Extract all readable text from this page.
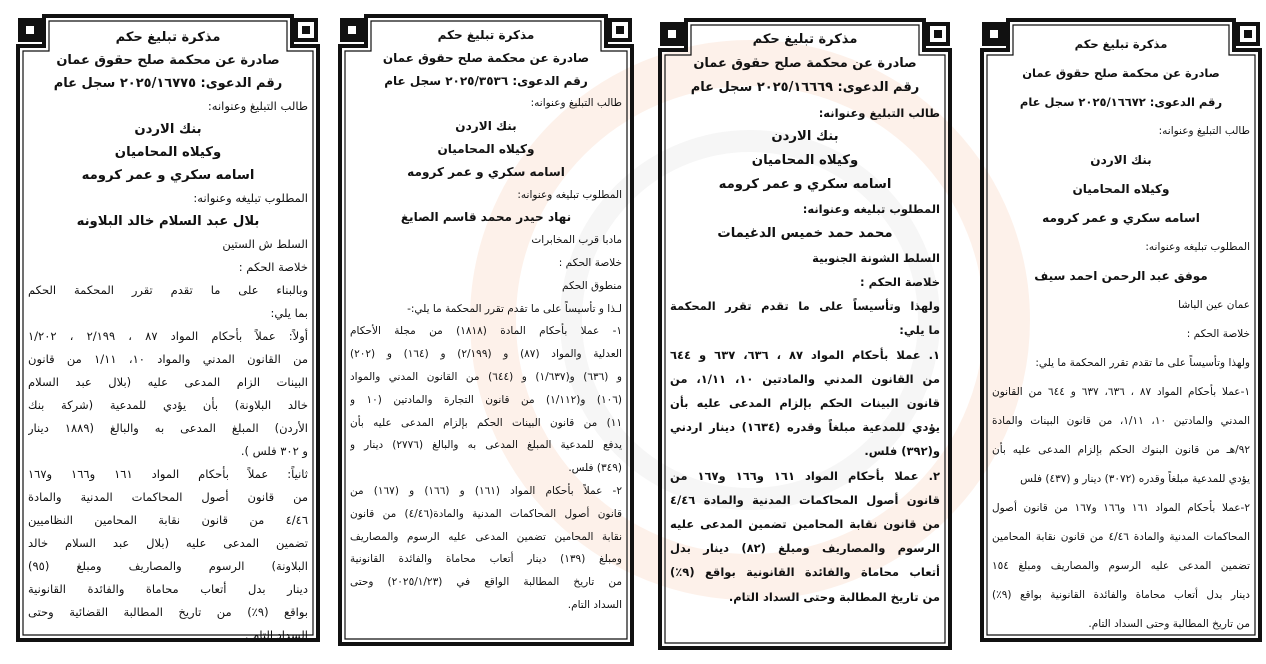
مذكرة تبليغ حكم
صادرة عن محكمة صلح حقوق عمان
رقم الدعوى: ٢٠٢٥/١٦٧٧٥ سجل عام
طالب التبليغ وعنوانه:
بنك الاردن
وكيلاه المحاميان
اسامه سكري و عمر كرومه
المطلوب تبليغه وعنوانه:
بلال عبد السلام خالد البلاونه
السلط ش الستين
خلاصة الحكم :
وبالبناء على ما تقدم تقرر المحكمة الحكم
بما يلي:
أولاً: عملاً بأحكام المواد ٨٧ ، ٢/١٩٩ ، ١/٢٠٢
من القانون المدني والمواد ١٠، ١/١١ من قانون
البينات الزام المدعى عليه (بلال عبد السلام
خالد البلاونة) بأن يؤدي للمدعية (شركة بنك
الأردن) المبلغ المدعى به والبالغ (١٨٨٩ دينار
و ٣٠٢ فلس ).
ثانياً: عملاً بأحكام المواد ١٦١ و١٦٦ و١٦٧
من قانون أصول المحاكمات المدنية والمادة
٤/٤٦ من قانون نقابة المحامين النظاميين
تضمين المدعى عليه (بلال عبد السلام خالد
البلاونة) الرسوم والمصاريف ومبلغ (٩٥)
دينار بدل أتعاب محاماة والفائدة القانونية
بواقع (٩٪) من تاريخ المطالبة القضائية وحتى
السداد التام .
مذكرة تبليغ حكم
صادرة عن محكمة صلح حقوق عمان
رقم الدعوى: ٢٠٢٥/٣٥٣٦ سجل عام
طالب التبليغ وعنوانه:
بنك الاردن
وكيلاه المحاميان
اسامه سكري و عمر كرومه
المطلوب تبليغه وعنوانه:
نهاد حيدر محمد قاسم الصايغ
مادبا قرب المخابرات
خلاصة الحكم :
منطوق الحكم
لـذا و تأسيساً على ما تقدم تقرر المحكمة ما يلي:-
١- عملا بأحكام المادة (١٨١٨) من مجلة الأحكام
العدلية والمواد (٨٧) و (٢/١٩٩) و (١٦٤) و (٢٠٢)
و (٦٣٦) و(١/٦٣٧) و (٦٤٤) من القانون المدني والمواد
(١٠٦) و(١/١١٢) من قانون التجارة والمادتين (١٠ و
١١) من قانون البينات الحكم بإلزام المدعى عليه بأن
يدفع للمدعية المبلغ المدعى به والبالغ (٢٧٧٦) دينار و
(٣٤٩) فلس.
٢- عملاً بأحكام المواد (١٦١) و (١٦٦) و (١٦٧) من
قانون أصول المحاكمات المدنية والمادة(٤/٤٦) من قانون
نقابة المحامين تضمين المدعى عليه الرسوم والمصاريف
ومبلغ (١٣٩) دينار أتعاب محاماة والفائدة القانونية
من تاريخ المطالبة الواقع في (٢٠٢٥/١/٢٣) وحتى
السداد التام.
مذكرة تبليغ حكم
صادرة عن محكمة صلح حقوق عمان
رقم الدعوى: ٢٠٢٥/١٦٦٦٩ سجل عام
طالب التبليغ وعنوانه:
بنك الاردن
وكيلاه المحاميان
اسامه سكري و عمر كرومه
المطلوب تبليغه وعنوانه:
محمد حمد خميس الدغيمات
السلط الشونة الجنوبية
خلاصة الحكم :
ولهذا وتأسيساً على ما تقدم تقرر المحكمة
ما يلي:
١. عملا بأحكام المواد ٨٧ ، ٦٣٦، ٦٣٧ و ٦٤٤
من القانون المدني والمادتين ١٠، ١/١١، من
قانون البينات الحكم بإلزام المدعى عليه بأن
يؤدي للمدعية مبلغاً وقدره (١٦٣٤) دينار اردني
و(٣٩٢) فلس.
٢. عملا بأحكام المواد ١٦١ و١٦٦ و١٦٧ من
قانون أصول المحاكمات المدنية والمادة ٤/٤٦
من قانون نقابة المحامين تضمين المدعى عليه
الرسوم والمصاريف ومبلغ (٨٢) دينار بدل
أتعاب محاماة والفائدة القانونية بواقع (٩٪)
من تاريخ المطالبة وحتى السداد التام.
مذكرة تبليغ حكم
صادرة عن محكمة صلح حقوق عمان
رقم الدعوى: ٢٠٢٥/١٦٦٧٢ سجل عام
طالب التبليغ وعنوانه:
بنك الاردن
وكيلاه المحاميان
اسامه سكري و عمر كرومه
المطلوب تبليغه وعنوانه:
موفق عبد الرحمن احمد سيف
عمان عين الباشا
خلاصة الحكم :
ولهذا وتأسيساً على ما تقدم تقرر المحكمة ما يلي:
١-عملا بأحكام المواد ٨٧ ، ٦٣٦، ٦٣٧ و ٦٤٤ من القانون
المدني والمادتين ١٠، ١/١١، من قانون البينات والمادة
٩٢/هـ من قانون البنوك الحكم بإلزام المدعى عليه بأن
يؤدي للمدعية مبلغاً وقدره (٣٠٧٢) دينار و (٤٣٧) فلس
٢-عملا بأحكام المواد ١٦١ و١٦٦ و١٦٧ من قانون أصول
المحاكمات المدنية والمادة ٤/٤٦ من قانون نقابة المحامين
تضمين المدعى عليه الرسوم والمصاريف ومبلغ ١٥٤
دينار بدل أتعاب محاماة والفائدة القانونية بواقع (٩٪)
من تاريخ المطالبة وحتى السداد التام.
